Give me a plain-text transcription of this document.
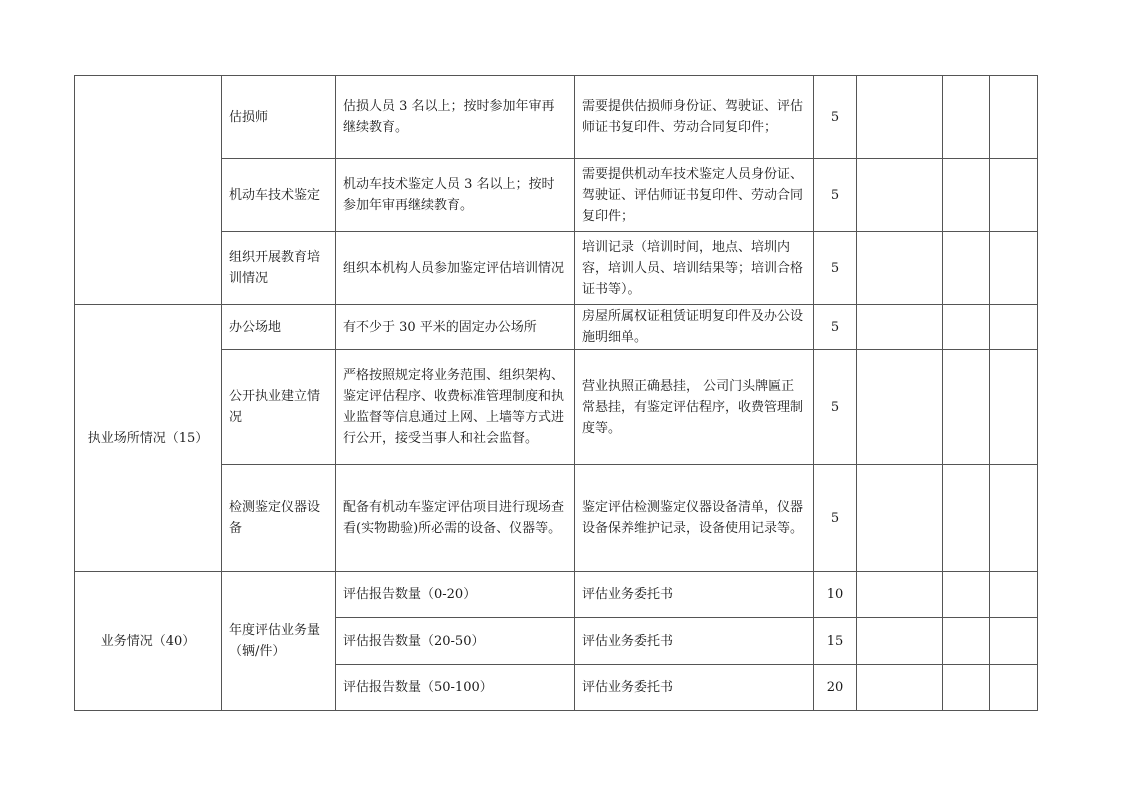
	估损师	估损人员 3 名以上；按时参加年审再继续教育。	需要提供估损师身份证、驾驶证、评估师证书复印件、劳动合同复印件；	5			
	机动车技术鉴定	机动车技术鉴定人员 3 名以上；按时参加年审再继续教育。	需要提供机动车技术鉴定人员身份证、驾驶证、评估师证书复印件、劳动合同复印件；	5			
	组织开展教育培训情况	组织本机构人员参加鉴定评估培训情况	培训记录（培训时间，地点、培圳内容，培训人员、培训结果等；培训合格证书等）。	5			
执业场所情况（15）	办公场地	有不少于 30 平米的固定办公场所	房屋所属权证租赁证明复印件及办公设施明细单。	5			
	公开执业建立情况	严格按照规定将业务范围、组织架构、鉴定评估程序、收费标准管理制度和执业监督等信息通过上网、上墙等方式进行公开，接受当事人和社会监督。	营业执照正确悬挂， 公司门头牌匾正常悬挂，有鉴定评估程序，收费管理制度等。	5			
	检测鉴定仪器设备	配备有机动车鉴定评估项目进行现场查看(实物勘验)所必需的设备、仪器等。	鉴定评估检测鉴定仪器设备清单，仪器设备保养维护记录，设备使用记录等。	5			
业务情况（40）	年度评估业务量（辆/件）	评估报告数量（0-20）	评估业务委托书	10			
		评估报告数量（20-50）	评估业务委托书	15			
		评估报告数量（50-100）	评估业务委托书	20			
